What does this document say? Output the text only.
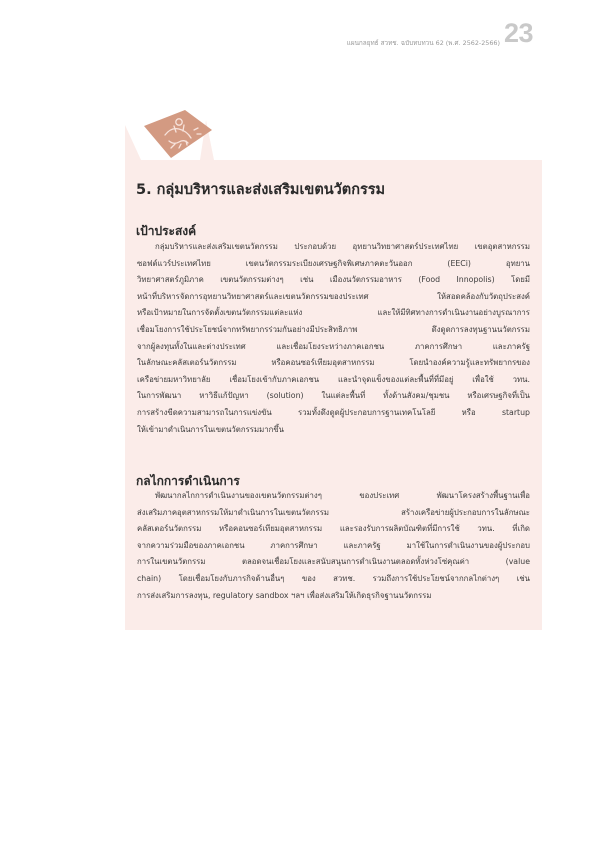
แผนกลยุทธ์ สวทช. ฉบับทบทวน 62 (พ.ศ. 2562-2566) 23
5. กลุ่มบริหารและส่งเสริมเขตนวัตกรรม
เป้าประสงค์
กลุ่มบริหารและส่งเสริมเขตนวัตกรรม ประกอบด้วย อุทยานวิทยาศาสตร์ประเทศไทย เขตอุตสาหกรรม
ซอฟต์แวร์ประเทศไทย เขตนวัตกรรมระเบียงเศรษฐกิจพิเศษภาคตะวันออก (EECi) อุทยาน
วิทยาศาสตร์ภูมิภาค เขตนวัตกรรมต่างๆ เช่น เมืองนวัตกรรมอาหาร (Food Innopolis) โดยมี
หน้าที่บริหารจัดการอุทยานวิทยาศาสตร์และเขตนวัตกรรมของประเทศ ให้สอดคล้องกับวัตถุประสงค์
หรือเป้าหมายในการจัดตั้งเขตนวัตกรรมแต่ละแห่ง และให้มีทิศทางการดำเนินงานอย่างบูรณาการ
เชื่อมโยงการใช้ประโยชน์จากทรัพยากรร่วมกันอย่างมีประสิทธิภาพ ดึงดูดการลงทุนฐานนวัตกรรม
จากผู้ลงทุนทั้งในและต่างประเทศ และเชื่อมโยงระหว่างภาคเอกชน ภาคการศึกษา และภาครัฐ
ในลักษณะคลัสเตอร์นวัตกรรม หรือคอนซอร์เทียมอุตสาหกรรม โดยนำองค์ความรู้และทรัพยากรของ
เครือข่ายมหาวิทยาลัย เชื่อมโยงเข้ากับภาคเอกชน และนำจุดแข็งของแต่ละพื้นที่ที่มีอยู่ เพื่อใช้ วทน.
ในการพัฒนา หาวิธีแก้ปัญหา (solution) ในแต่ละพื้นที่ ทั้งด้านสังคม/ชุมชน หรือเศรษฐกิจที่เป็น
การสร้างขีดความสามารถในการแข่งขัน รวมทั้งดึงดูดผู้ประกอบการฐานเทคโนโลยี หรือ startup
ให้เข้ามาดำเนินการในเขตนวัตกรรมมากขึ้น
กลไกการดำเนินการ
พัฒนากลไกการดำเนินงานของเขตนวัตกรรมต่างๆ ของประเทศ พัฒนาโครงสร้างพื้นฐานเพื่อ
ส่งเสริมภาคอุตสาหกรรมให้มาดำเนินการในเขตนวัตกรรม สร้างเครือข่ายผู้ประกอบการในลักษณะ
คลัสเตอร์นวัตกรรม หรือคอนซอร์เทียมอุตสาหกรรม และรองรับการผลิตบัณฑิตที่มีการใช้ วทน. ที่เกิด
จากความร่วมมือของภาคเอกชน ภาคการศึกษา และภาครัฐ มาใช้ในการดำเนินงานของผู้ประกอบ
การในเขตนวัตกรรม ตลอดจนเชื่อมโยงและสนับสนุนการดำเนินงานตลอดทั้งห่วงโซ่คุณค่า (value
chain) โดยเชื่อมโยงกับภารกิจด้านอื่นๆ ของ สวทช. รวมถึงการใช้ประโยชน์จากกลไกต่างๆ เช่น
การส่งเสริมการลงทุน, regulatory sandbox ฯลฯ เพื่อส่งเสริมให้เกิดธุรกิจฐานนวัตกรรม
